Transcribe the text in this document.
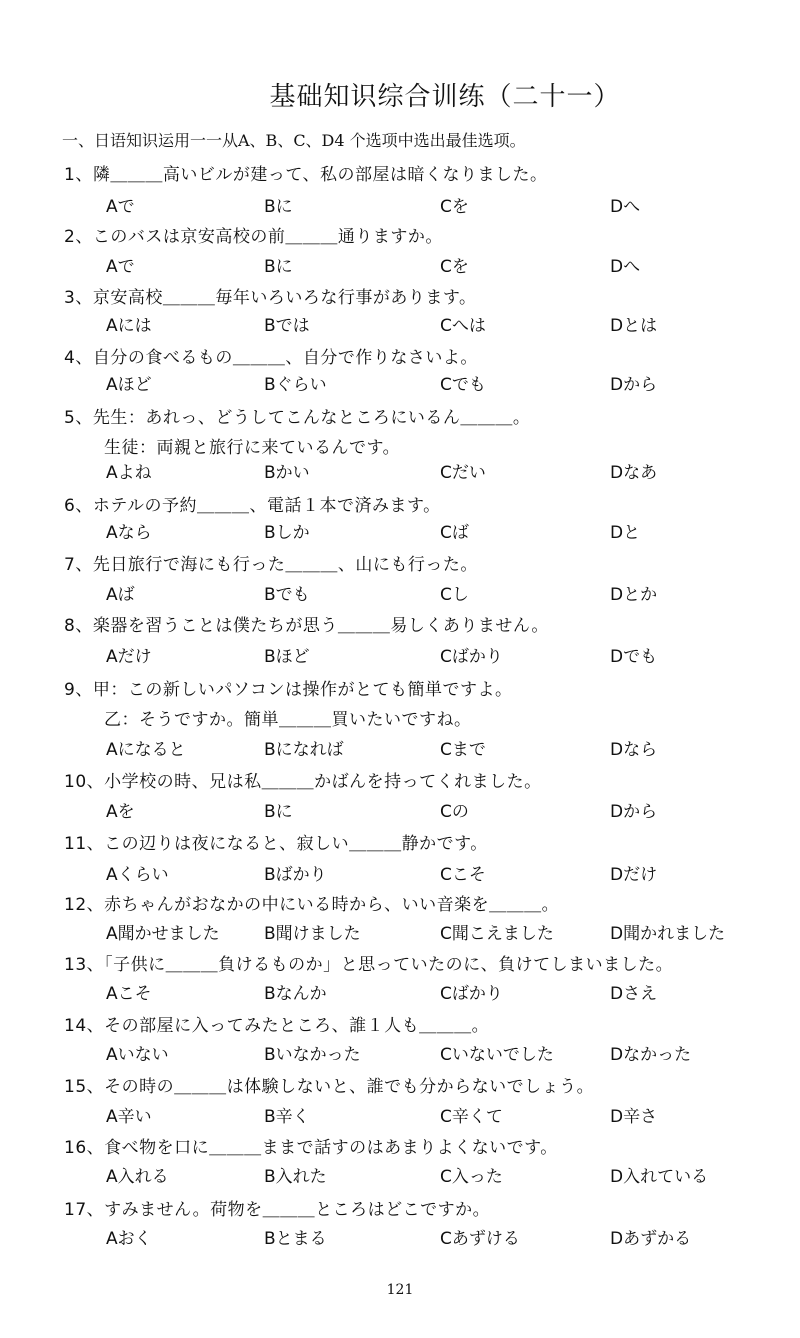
基础知识综合训练（二十一）
一、日语知识运用一一从A、B、C、D4 个选项中选出最佳选项。
1、隣＿＿＿高いビルが建って、私の部屋は暗くなりました。
Aで	Bに	Cを	Dへ
2、このバスは京安高校の前＿＿＿通りますか。
Aで	Bに	Cを	Dへ
3、京安高校＿＿＿毎年いろいろな行事があります。
Aには	Bでは	Cへは	Dとは
4、自分の食べるもの＿＿＿、自分で作りなさいよ。
Aほど	Bぐらい	Cでも	Dから
5、先生：あれっ、どうしてこんなところにいるん＿＿＿。
生徒：両親と旅行に来ているんです。
Aよね	Bかい	Cだい	Dなあ
6、ホテルの予約＿＿＿、電話１本で済みます。
Aなら	Bしか	Cば	Dと
7、先日旅行で海にも行った＿＿＿、山にも行った。
Aば	Bでも	Cし	Dとか
8、楽器を習うことは僕たちが思う＿＿＿易しくありません。
Aだけ	Bほど	Cばかり	Dでも
9、甲：この新しいパソコンは操作がとても簡単ですよ。
乙：そうですか。簡単＿＿＿買いたいですね。
Aになると	Bになれば	Cまで	Dなら
10、小学校の時、兄は私＿＿＿かばんを持ってくれました。
Aを	Bに	Cの	Dから
11、この辺りは夜になると、寂しい＿＿＿静かです。
Aくらい	Bばかり	Cこそ	Dだけ
12、赤ちゃんがおなかの中にいる時から、いい音楽を＿＿＿。
A聞かせました	B聞けました	C聞こえました	D聞かれました
13、「子供に＿＿＿負けるものか」と思っていたのに、負けてしまいました。
Aこそ	Bなんか	Cばかり	Dさえ
14、その部屋に入ってみたところ、誰１人も＿＿＿。
Aいない	Bいなかった	Cいないでした	Dなかった
15、その時の＿＿＿は体験しないと、誰でも分からないでしょう。
A辛い	B辛く	C辛くて	D辛さ
16、食べ物を口に＿＿＿ままで話すのはあまりよくないです。
A入れる	B入れた	C入った	D入れている
17、すみません。荷物を＿＿＿ところはどこですか。
Aおく	Bとまる	Cあずける	Dあずかる
121
